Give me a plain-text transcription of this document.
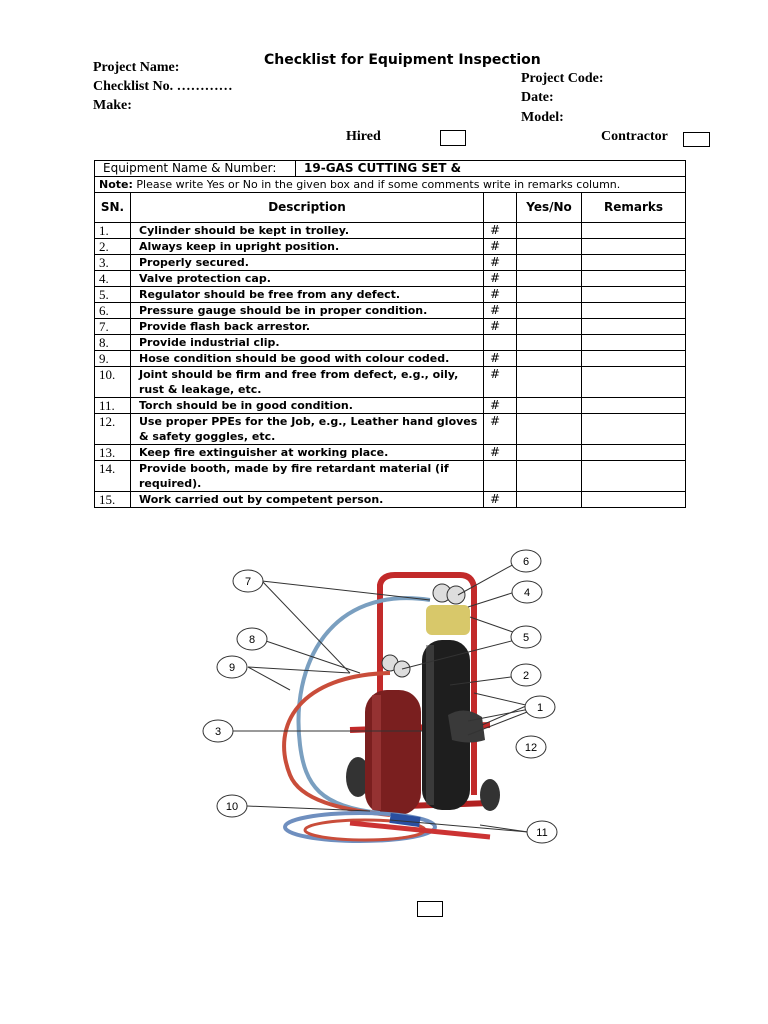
Checklist for Equipment Inspection
Project Name:
Checklist No. …………
Make:
Project Code:
Date:
Model:
Hired	Contractor
Equipment Name & Number:		19-GAS CUTTING SET &			
Note: Please write Yes or No in the given box and if some comments write in remarks column.					
SN.	Description			Yes/No	Remarks
1.	Cylinder should be kept in trolley.		#		
2.	Always keep in upright position.		#		
3.	Properly secured.		#		
4.	Valve protection cap.		#		
5.	Regulator should be free from any defect.		#		
6.	Pressure gauge should be in proper condition.		#		
7.	Provide flash back arrestor.		#		
8.	Provide industrial clip.				
9.	Hose condition should be good with colour coded.		#		
10.	Joint should be firm and free from defect, e.g., oily, rust & leakage, etc.		#		
11.	Torch should be in good condition.		#		
12.	Use proper PPEs for the Job, e.g., Leather hand gloves & safety goggles, etc.		#		
13.	Keep fire extinguisher at working place.		#		
14.	Provide booth, made by fire retardant material (if required).				
15.	Work carried out by competent person.		#		
1
2
3
4
5
6
7
8
9
10
11
12
